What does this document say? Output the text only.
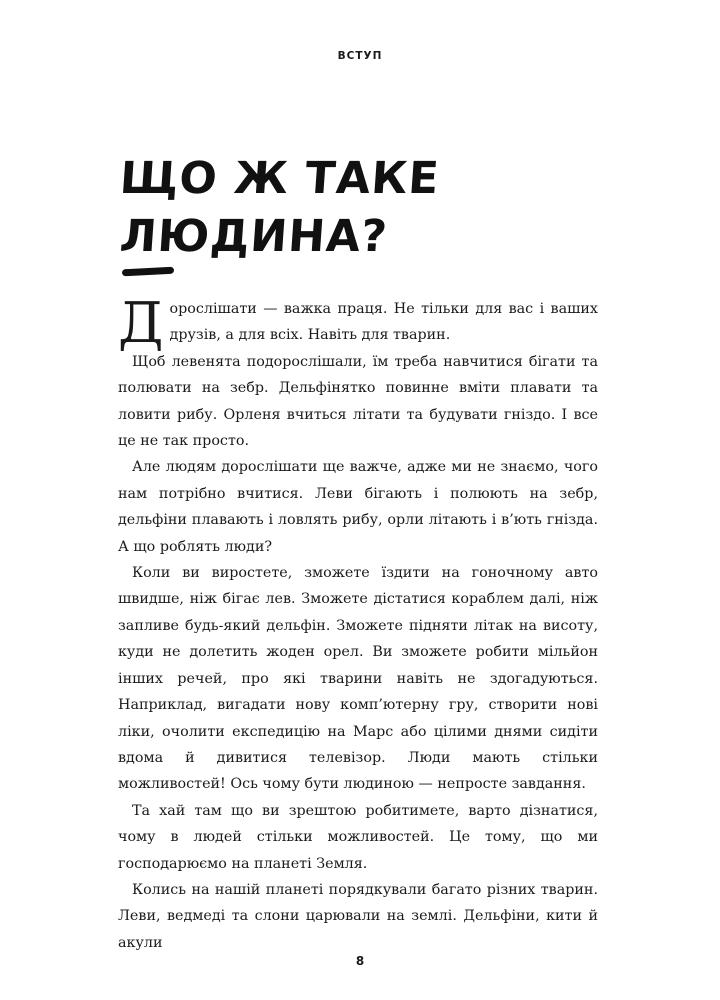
ВСТУП
ЩО Ж ТАКЕ
ЛЮДИНА?

Дорослішати — важка праця. Не тільки для вас і ваших друзів, а для всіх. Навіть для тварин.

Щоб левенята подорослішали, їм треба навчитися бігати та полювати на зебр. Дельфінятко повинне вміти плавати та ловити рибу. Орленя вчиться літати та будувати гніздо. І все це не так просто.

Але людям дорослішати ще важче, адже ми не знаємо, чого нам потрібно вчитися. Леви бігають і полюють на зебр, дельфіни плавають і ловлять рибу, орли літають і в’ють гнізда. А що роблять люди?

Коли ви виростете, зможете їздити на гоночному авто швидше, ніж бігає лев. Зможете дістатися кораблем далі, ніж запливе будь-який дельфін. Зможете підняти літак на висоту, куди не долетить жоден орел. Ви зможете робити мільйон інших речей, про які тварини навіть не здогадуються. Наприклад, вигадати нову комп’ютерну гру, створити нові ліки, очолити експедицію на Марс або цілими днями сидіти вдома й дивитися телевізор. Люди мають стільки можливостей! Ось чому бути людиною — непросте завдання.

Та хай там що ви зрештою робитимете, варто дізнатися, чому в людей стільки можливостей. Це тому, що ми господарюємо на планеті Земля.

Колись на нашій планеті порядкували багато різних тварин. Леви, ведмеді та слони царювали на землі. Дельфіни, кити й акули

8
